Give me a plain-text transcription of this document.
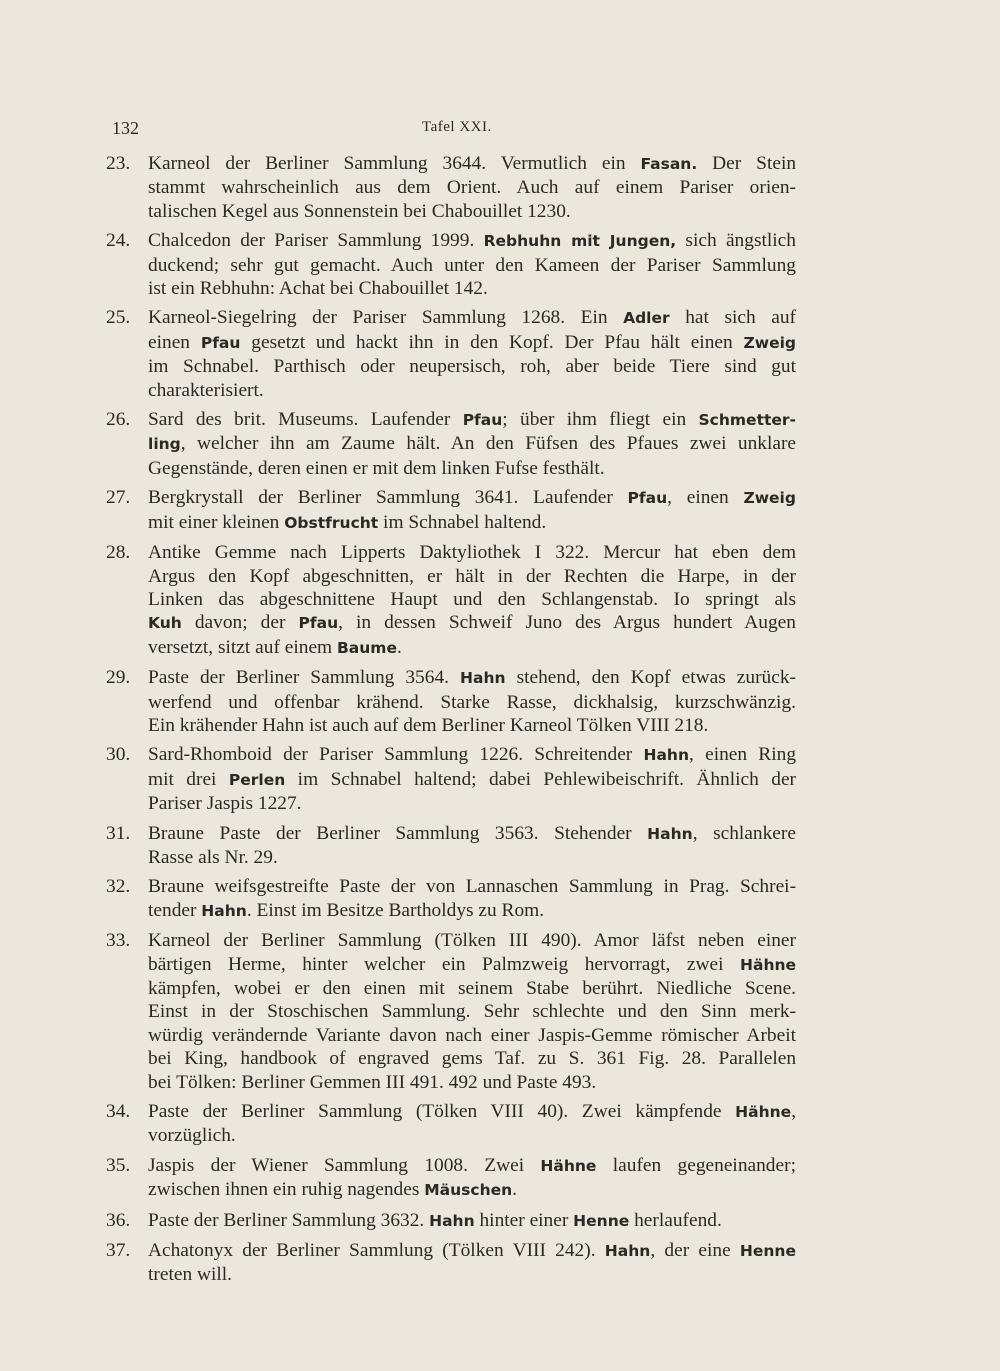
132	Tafel XXI.
23. Karneol der Berliner Sammlung 3644. Vermutlich ein Fasan. Der Stein
stammt wahrscheinlich aus dem Orient. Auch auf einem Pariser orien-
talischen Kegel aus Sonnenstein bei Chabouillet 1230.
24. Chalcedon der Pariser Sammlung 1999. Rebhuhn mit Jungen, sich ängstlich
duckend; sehr gut gemacht. Auch unter den Kameen der Pariser Sammlung
ist ein Rebhuhn: Achat bei Chabouillet 142.
25. Karneol-Siegelring der Pariser Sammlung 1268. Ein Adler hat sich auf
einen Pfau gesetzt und hackt ihn in den Kopf. Der Pfau hält einen Zweig
im Schnabel. Parthisch oder neupersisch, roh, aber beide Tiere sind gut
charakterisiert.
26. Sard des brit. Museums. Laufender Pfau; über ihm fliegt ein Schmetter-
ling, welcher ihn am Zaume hält. An den Füfsen des Pfaues zwei unklare
Gegenstände, deren einen er mit dem linken Fufse festhält.
27. Bergkrystall der Berliner Sammlung 3641. Laufender Pfau, einen Zweig
mit einer kleinen Obstfrucht im Schnabel haltend.
28. Antike Gemme nach Lipperts Daktyliothek I 322. Mercur hat eben dem
Argus den Kopf abgeschnitten, er hält in der Rechten die Harpe, in der
Linken das abgeschnittene Haupt und den Schlangenstab. Io springt als
Kuh davon; der Pfau, in dessen Schweif Juno des Argus hundert Augen
versetzt, sitzt auf einem Baume.
29. Paste der Berliner Sammlung 3564. Hahn stehend, den Kopf etwas zurück-
werfend und offenbar krähend. Starke Rasse, dickhalsig, kurzschwänzig.
Ein krähender Hahn ist auch auf dem Berliner Karneol Tölken VIII 218.
30. Sard-Rhomboid der Pariser Sammlung 1226. Schreitender Hahn, einen Ring
mit drei Perlen im Schnabel haltend; dabei Pehlewibeischrift. Ähnlich der
Pariser Jaspis 1227.
31. Braune Paste der Berliner Sammlung 3563. Stehender Hahn, schlankere
Rasse als Nr. 29.
32. Braune weifsgestreifte Paste der von Lannaschen Sammlung in Prag. Schrei-
tender Hahn. Einst im Besitze Bartholdys zu Rom.
33. Karneol der Berliner Sammlung (Tölken III 490). Amor läfst neben einer
bärtigen Herme, hinter welcher ein Palmzweig hervorragt, zwei Hähne
kämpfen, wobei er den einen mit seinem Stabe berührt. Niedliche Scene.
Einst in der Stoschischen Sammlung. Sehr schlechte und den Sinn merk-
würdig verändernde Variante davon nach einer Jaspis-Gemme römischer Arbeit
bei King, handbook of engraved gems Taf. zu S. 361 Fig. 28. Parallelen
bei Tölken: Berliner Gemmen III 491. 492 und Paste 493.
34. Paste der Berliner Sammlung (Tölken VIII 40). Zwei kämpfende Hähne,
vorzüglich.
35. Jaspis der Wiener Sammlung 1008. Zwei Hähne laufen gegeneinander;
zwischen ihnen ein ruhig nagendes Mäuschen.
36. Paste der Berliner Sammlung 3632. Hahn hinter einer Henne herlaufend.
37. Achatonyx der Berliner Sammlung (Tölken VIII 242). Hahn, der eine Henne
treten will.
